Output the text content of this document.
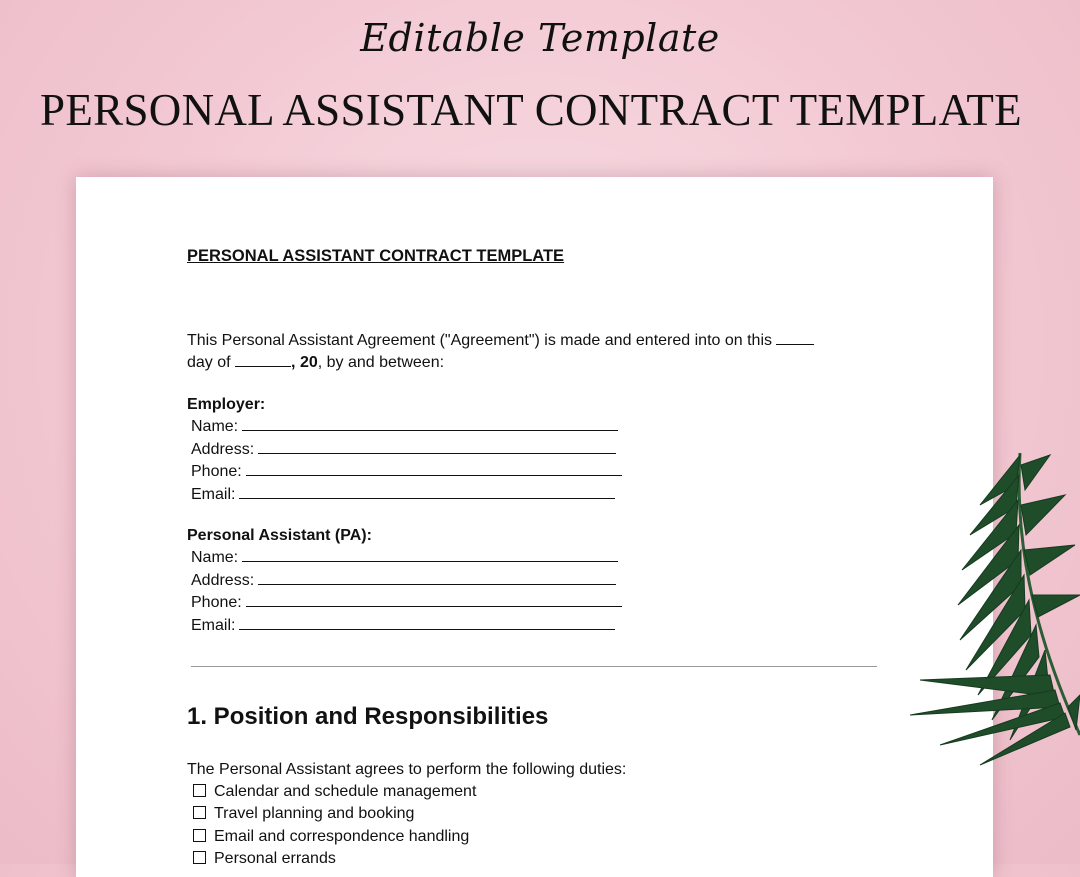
Editable Template
PERSONAL ASSISTANT CONTRACT TEMPLATE
PERSONAL ASSISTANT CONTRACT TEMPLATE
This Personal Assistant Agreement ("Agreement") is made and entered into on this
day of	, 20, by and between:
Employer:
Name:
Address:
Phone:
Email:
Personal Assistant (PA):
Name:
Address:
Phone:
Email:
1. Position and Responsibilities
The Personal Assistant agrees to perform the following duties:
Calendar and schedule management
Travel planning and booking
Email and correspondence handling
Personal errands
